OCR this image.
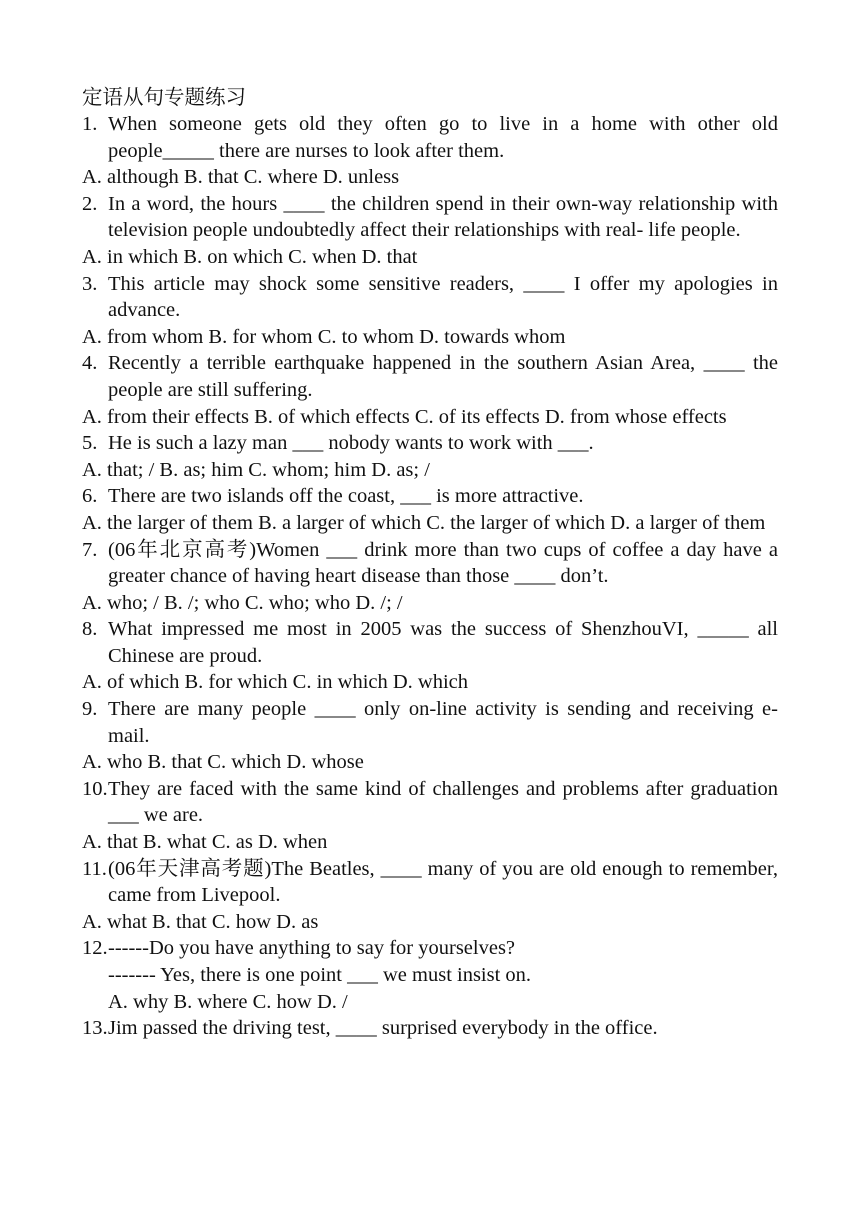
定语从句专题练习
1. When someone gets old they often go to live in a home with other old people_____ there are nurses to look after them.
A. although B. that C. where D. unless
2. In a word, the hours ____ the children spend in their own-way relationship with television people undoubtedly affect their relationships with real- life people.
A. in which B. on which C. when D. that
3. This article may shock some sensitive readers, ____ I offer my apologies in advance.
A. from whom B. for whom C. to whom D. towards whom
4. Recently a terrible earthquake happened in the southern Asian Area, ____ the people are still suffering.
A. from their effects B. of which effects C. of its effects D. from whose effects
5. He is such a lazy man ___ nobody wants to work with ___.
A. that; / B. as; him C. whom; him D. as; /
6. There are two islands off the coast, ___ is more attractive.
A. the larger of them B. a larger of which C. the larger of which D. a larger of them
7. (06年北京高考)Women ___ drink more than two cups of coffee a day have a greater chance of having heart disease than those ____ don’t.
A. who; / B. /; who C. who; who D. /; /
8. What impressed me most in 2005 was the success of ShenzhouVI, _____ all Chinese are proud.
A. of which B. for which C. in which D. which
9. There are many people ____ only on-line activity is sending and receiving e-mail.
A. who B. that C. which D. whose
10. They are faced with the same kind of challenges and problems after graduation ___ we are.
A. that B. what C. as D. when
11. (06年天津高考题)The Beatles, ____ many of you are old enough to remember, came from Livepool.
A. what B. that C. how D. as
12. ------Do you have anything to say for yourselves?
------- Yes, there is one point ___ we must insist on.
A. why B. where C. how D. /
13. Jim passed the driving test, ____ surprised everybody in the office.
